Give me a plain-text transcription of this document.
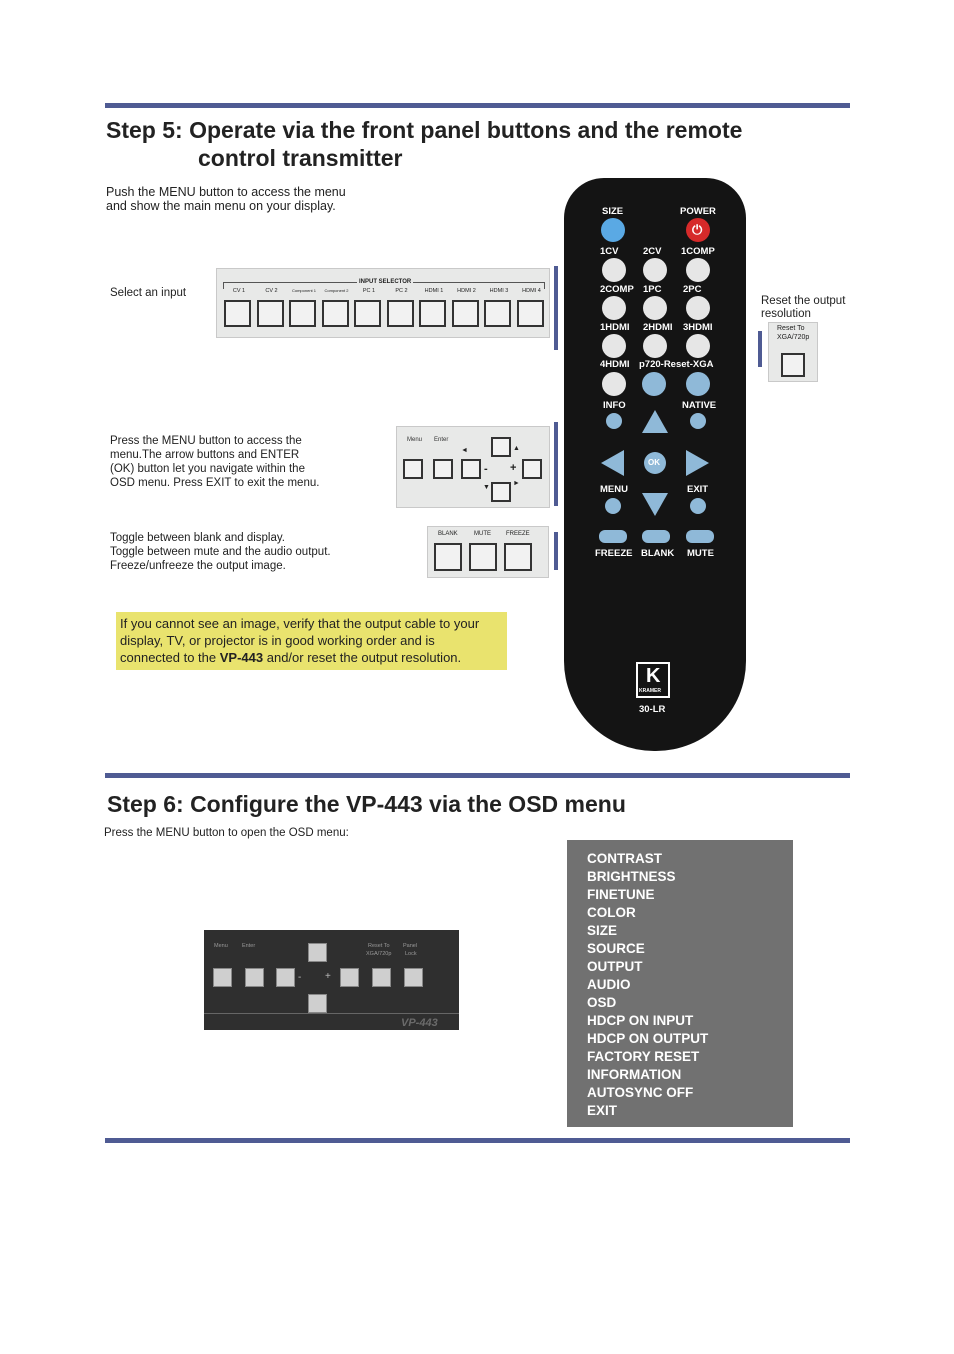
Step 5: Operate via the front panel buttons and the remote
control transmitter
Push the MENU button to access the menu
and show the main menu on your display.
Select an input
INPUT SELECTOR
CV 1	CV 2	Component 1 Component 2	PC 1	PC 2	HDMI 1	HDMI 2	HDMI 3	HDMI 4
Press the MENU button to access the
menu.The arrow buttons and ENTER
(OK) button let you navigate within the
OSD menu. Press EXIT to exit the menu.
Menu Enter
- +
◄	▲
►
▼
Toggle between blank and display.
Toggle between mute and the audio output.
Freeze/unfreeze the output image.
BLANK	MUTE	FREEZE
If you cannot see an image, verify that the output cable to your
display, TV, or projector is in good working order and is
connected to the VP-443 and/or reset the output resolution.
Reset the output
resolution
Reset To
XGA/720p
SIZE	POWER
⏻
1CV	2CV 1COMP
2COMP 1PC 2PC
1HDMI 2HDMI 3HDMI
4HDMI p720-Reset-XGA
INFO	NATIVE
OK
MENU	EXIT
FREEZE BLANK MUTE
K
KRAMER
30-LR
Step 6: Configure the VP-443 via the OSD menu
Press the MENU button to open the OSD menu:
Menu	Enter	Reset To
XGA/720p
Panel
Lock
- +
VP-443
CONTRAST
BRIGHTNESS
FINETUNE
COLOR
SIZE
SOURCE
OUTPUT
AUDIO
OSD
HDCP ON INPUT
HDCP ON OUTPUT
FACTORY RESET
INFORMATION
AUTOSYNC OFF
EXIT
